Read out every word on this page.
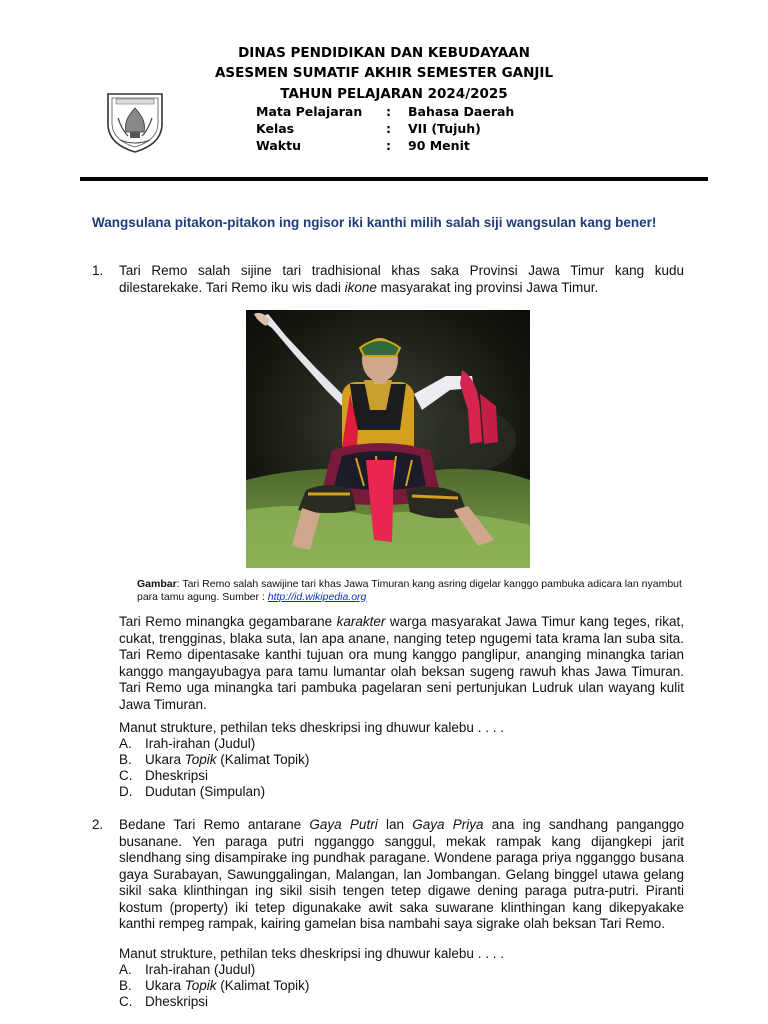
DINAS PENDIDIKAN DAN KEBUDAYAAN
ASESMEN SUMATIF AKHIR SEMESTER GANJIL
TAHUN PELAJARAN 2024/2025
Mata Pelajaran : Bahasa Daerah
Kelas	: VII (Tujuh)
Waktu	: 90 Menit
Wangsulana pitakon-pitakon ing ngisor iki kanthi milih salah siji wangsulan kang bener!
1. Tari Remo salah sijine tari tradhisional khas saka Provinsi Jawa Timur kang kudu dilestarekake. Tari Remo iku wis dadi ikone masyarakat ing provinsi Jawa Timur.
Gambar: Tari Remo salah sawijine tari khas Jawa Timuran kang asring digelar kanggo pambuka adicara lan nyambut para tamu agung. Sumber : http://id.wikipedia.org
Tari Remo minangka gegambarane karakter warga masyarakat Jawa Timur kang teges, rikat, cukat, trengginas, blaka suta, lan apa anane, nanging tetep ngugemi tata krama lan suba sita. Tari Remo dipentasake kanthi tujuan ora mung kanggo panglipur, ananging minangka tarian kanggo mangayubagya para tamu lumantar olah beksan sugeng rawuh khas Jawa Timuran. Tari Remo uga minangka tari pambuka pagelaran seni pertunjukan Ludruk ulan wayang kulit Jawa Timuran.
Manut strukture, pethilan teks dheskripsi ing dhuwur kalebu . . . .
A. Irah-irahan (Judul)
B. Ukara Topik (Kalimat Topik)
C. Dheskripsi
D. Dudutan (Simpulan)
2. Bedane Tari Remo antarane Gaya Putri lan Gaya Priya ana ing sandhang panganggo busanane. Yen paraga putri ngganggo sanggul, mekak rampak kang dijangkepi jarit slendhang sing disampirake ing pundhak paragane. Wondene paraga priya ngganggo busana gaya Surabayan, Sawunggalingan, Malangan, lan Jombangan. Gelang binggel utawa gelang sikil saka klinthingan ing sikil sisih tengen tetep digawe dening paraga putra-putri. Piranti kostum (property) iki tetep digunakake awit saka suwarane klinthingan kang dikepyakake kanthi rempeg rampak, kairing gamelan bisa nambahi saya sigrake olah beksan Tari Remo.
Manut strukture, pethilan teks dheskripsi ing dhuwur kalebu . . . .
A. Irah-irahan (Judul)
B. Ukara Topik (Kalimat Topik)
C. Dheskripsi
